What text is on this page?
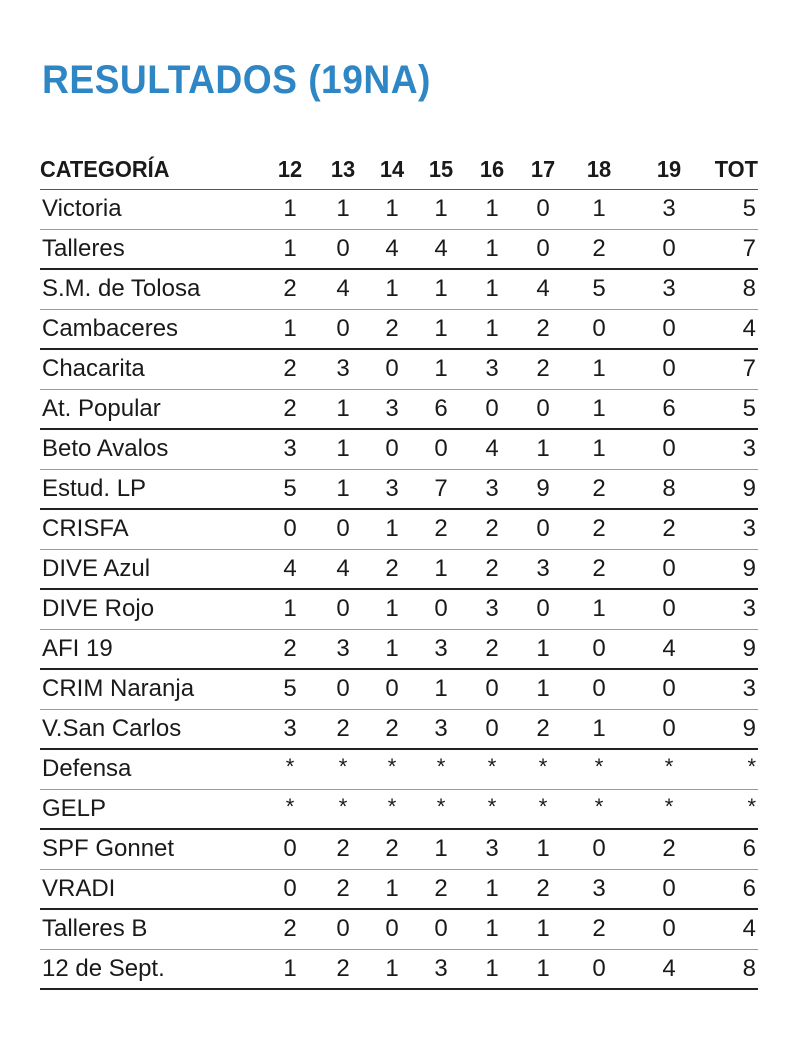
RESULTADOS (19NA)
CATEGORÍA	12	13	14	15	16	17	18	19	TOT
Victoria	1	1	1	1	1	0	1	3	5
Talleres	1	0	4	4	1	0	2	0	7
S.M. de Tolosa	2	4	1	1	1	4	5	3	8
Cambaceres	1	0	2	1	1	2	0	0	4
Chacarita	2	3	0	1	3	2	1	0	7
At. Popular	2	1	3	6	0	0	1	6	5
Beto Avalos	3	1	0	0	4	1	1	0	3
Estud. LP	5	1	3	7	3	9	2	8	9
CRISFA	0	0	1	2	2	0	2	2	3
DIVE Azul	4	4	2	1	2	3	2	0	9
DIVE Rojo	1	0	1	0	3	0	1	0	3
AFI 19	2	3	1	3	2	1	0	4	9
CRIM Naranja	5	0	0	1	0	1	0	0	3
V.San Carlos	3	2	2	3	0	2	1	0	9
Defensa	*	*	*	*	*	*	*	*	*
GELP	*	*	*	*	*	*	*	*	*
SPF Gonnet	0	2	2	1	3	1	0	2	6
VRADI	0	2	1	2	1	2	3	0	6
Talleres B	2	0	0	0	1	1	2	0	4
12 de Sept.	1	2	1	3	1	1	0	4	8
